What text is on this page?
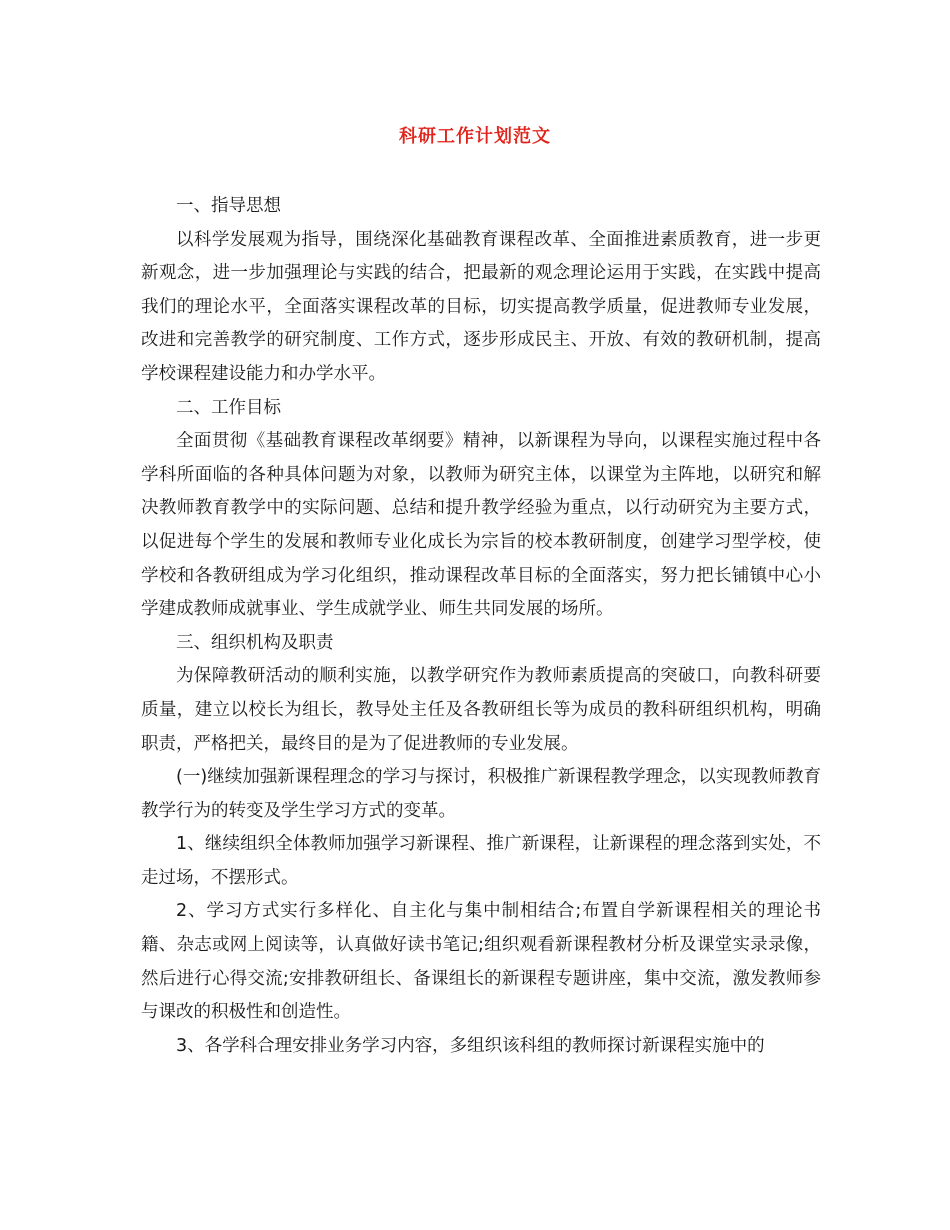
科研工作计划范文

一、指导思想

以科学发展观为指导，围绕深化基础教育课程改革、全面推进素质教育，进一步更新观念，进一步加强理论与实践的结合，把最新的观念理论运用于实践，在实践中提高我们的理论水平，全面落实课程改革的目标，切实提高教学质量，促进教师专业发展，改进和完善教学的研究制度、工作方式，逐步形成民主、开放、有效的教研机制，提高学校课程建设能力和办学水平。

二、工作目标

全面贯彻《基础教育课程改革纲要》精神，以新课程为导向，以课程实施过程中各学科所面临的各种具体问题为对象，以教师为研究主体，以课堂为主阵地，以研究和解决教师教育教学中的实际问题、总结和提升教学经验为重点，以行动研究为主要方式，以促进每个学生的发展和教师专业化成长为宗旨的校本教研制度，创建学习型学校，使学校和各教研组成为学习化组织，推动课程改革目标的全面落实，努力把长铺镇中心小学建成教师成就事业、学生成就学业、师生共同发展的场所。

三、组织机构及职责

为保障教研活动的顺利实施，以教学研究作为教师素质提高的突破口，向教科研要质量，建立以校长为组长，教导处主任及各教研组长等为成员的教科研组织机构，明确职责，严格把关，最终目的是为了促进教师的专业发展。

(一)继续加强新课程理念的学习与探讨，积极推广新课程教学理念，以实现教师教育教学行为的转变及学生学习方式的变革。

1、继续组织全体教师加强学习新课程、推广新课程，让新课程的理念落到实处，不走过场，不摆形式。

2、学习方式实行多样化、自主化与集中制相结合;布置自学新课程相关的理论书籍、杂志或网上阅读等，认真做好读书笔记;组织观看新课程教材分析及课堂实录录像，然后进行心得交流;安排教研组长、备课组长的新课程专题讲座，集中交流，激发教师参与课改的积极性和创造性。

3、各学科合理安排业务学习内容，多组织该科组的教师探讨新课程实施中的
